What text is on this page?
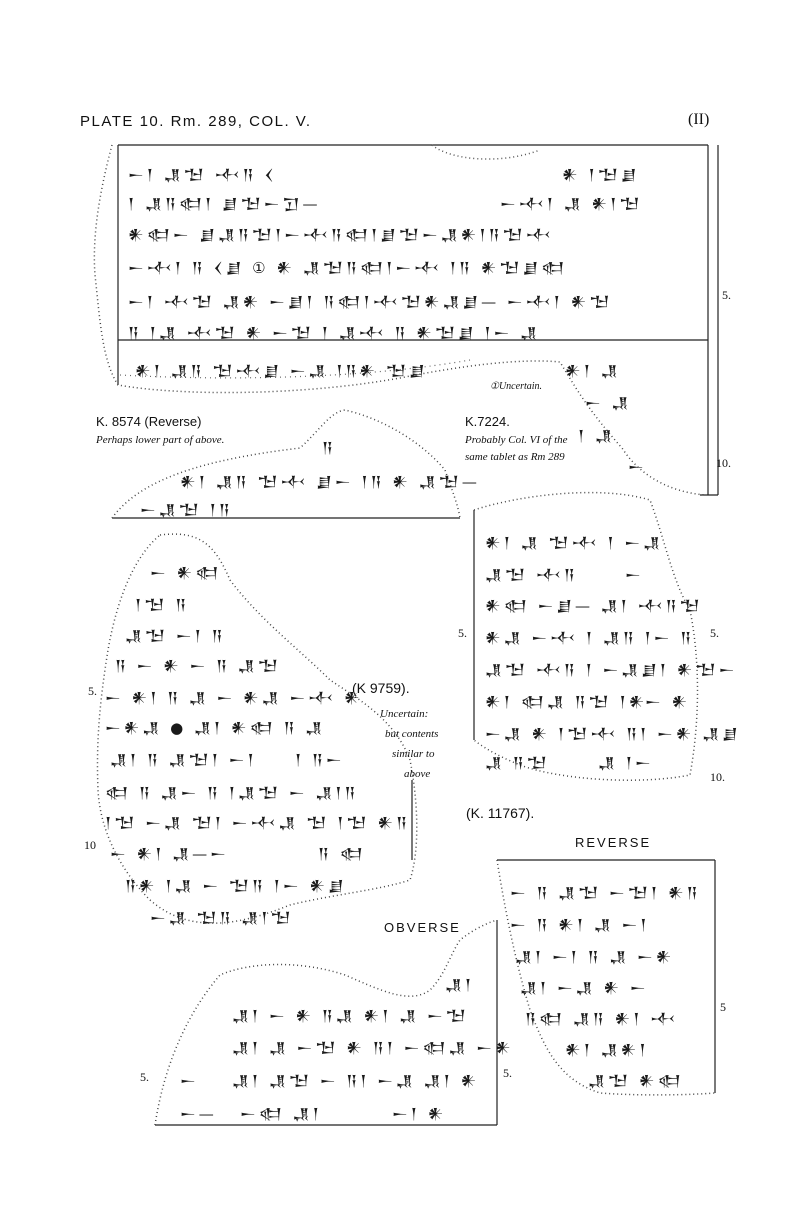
PLATE 10. Rm. 289, COL. V.	(II)
𒀸𒁹 𒂗𒈠 𒋾𒀀 𒌋	𒀭 𒁹𒈠𒋗
𒁹 𒂗𒀀𒊕𒁹 𒋗𒈠𒀸𒋛—	𒀸𒋾𒁹 𒂗 𒀭𒁹𒈠
𒀭𒊕𒀸 𒋗𒂗𒀀𒈠𒁹𒀸𒋾𒀀𒊕𒁹𒋗𒈠𒀸𒂗𒀭𒁹𒀀𒈠𒋾
𒀸𒋾𒁹 𒀀 𒌋𒋗 ① 𒀭 𒂗𒈠𒀀𒊕𒁹𒀸𒋾 𒁹𒀀 𒀭𒈠𒋗𒊕
𒀸𒁹 𒋾𒈠 𒂗𒀭 𒀸𒋗𒁹 𒀀𒊕𒁹𒋾𒈠𒀭𒂗𒋗— 𒀸𒋾𒁹 𒀭𒈠
𒀀 𒁹𒂗 𒋾𒈠 𒀭 𒀸𒈠 𒁹 𒂗𒋾 𒀀 𒀭𒈠𒋗 𒁹𒀸 𒂗
𒀭𒁹 𒂗𒀀 𒈠𒋾𒋗 𒀸𒂗 𒁹𒀀𒀭 𒈠𒋗	𒀭𒁹 𒂗
𒀸 𒂗
𒁹 𒂗
𒀸
5.
10.
①Uncertain.
K. 8574 (Reverse)
Perhaps lower part of above.	𒀀
𒀭𒁹 𒂗𒀀 𒈠𒋾 𒋗𒀸 𒁹𒀀 𒀭 𒂗𒈠—
𒀸𒂗𒈠 𒁹𒀀
K.7224.
Probably Col. VI of the
same tablet as Rm 289
𒀭𒁹 𒂗 𒈠𒋾 𒁹 𒀸𒂗
𒂗𒈠 𒋾𒀀	𒀸
𒀭𒊕 𒀸𒋗— 𒂗𒁹 𒋾𒀀𒈠
𒀭𒂗 𒀸𒋾 𒁹 𒂗𒀀 𒁹𒀸 𒀀
𒂗𒈠 𒋾𒀀 𒁹 𒀸𒂗𒋗𒁹 𒀭𒈠𒀸
𒀭𒁹 𒊕𒂗 𒀀𒈠 𒁹𒀭
𒀸 𒀭
𒀸𒂗 𒀭 𒁹𒈠𒋾 𒀀𒁹 𒀸𒀭 𒂗𒋗
𒂗 𒀀𒈠	𒂗 𒁹𒀸
5.	5.
10.
(K. 11767).
𒀸 𒀭𒊕
𒁹𒈠 𒀀
𒂗𒈠 𒀸𒁹 𒀀
𒀀 𒀸 𒀭 𒀸 𒀀 𒂗𒈠
𒀸 𒀭𒁹 𒀀 𒂗 𒀸 𒀭𒂗 𒀸𒋾 𒀭
𒀸𒀭𒂗 ● 𒂗𒁹 𒀭𒊕 𒀀 𒂗
𒂗𒁹 𒀀 𒂗𒈠𒁹 𒀸𒁹	𒁹 𒀀𒀸
𒊕 𒀀 𒂗𒀸 𒀀 𒁹𒂗𒈠 𒀸 𒂗𒁹𒀀
𒁹𒈠 𒀸𒂗 𒈠𒁹 𒀸𒋾𒂗 𒈠 𒁹𒈠 𒀭𒀀
𒀸 𒀭𒁹 𒂗—𒀸	𒀀 𒊕
𒀀𒀭 𒁹𒂗 𒀸 𒈠𒀀 𒁹𒀸 𒀭𒋗
𒀸𒂗 𒈠𒀀 𒂗𒁹𒈠
(K 9759).
Uncertain:
but contents
similar to
above
5.
10
OBVERSE
𒂗𒁹
𒂗𒁹 𒀸 𒀭 𒀀𒂗 𒀭𒁹 𒂗 𒀸𒈠
𒂗𒁹 𒂗 𒀸𒈠 𒀭 𒀀𒁹 𒀸𒊕𒂗 𒀸𒀭
𒂗𒁹 𒂗𒈠 𒀸 𒀀𒁹 𒀸𒂗 𒂗𒁹 𒀭
𒀸
𒀸— 𒀸𒊕 𒂗𒁹	𒀸𒁹 𒀭
5.	5.
REVERSE
𒀸 𒀀 𒂗𒈠 𒀸𒈠𒁹 𒀭𒀀
𒀸 𒀀 𒀭𒁹 𒂗 𒀸𒁹
𒂗𒁹 𒀸𒁹 𒀀 𒂗 𒀸𒀭
𒂗𒁹 𒀸𒂗 𒀭 𒀸
𒀀𒊕 𒂗𒀀 𒀭𒁹 𒋾
𒀭𒁹 𒂗𒀭𒁹
𒂗𒈠 𒀭𒊕
5
